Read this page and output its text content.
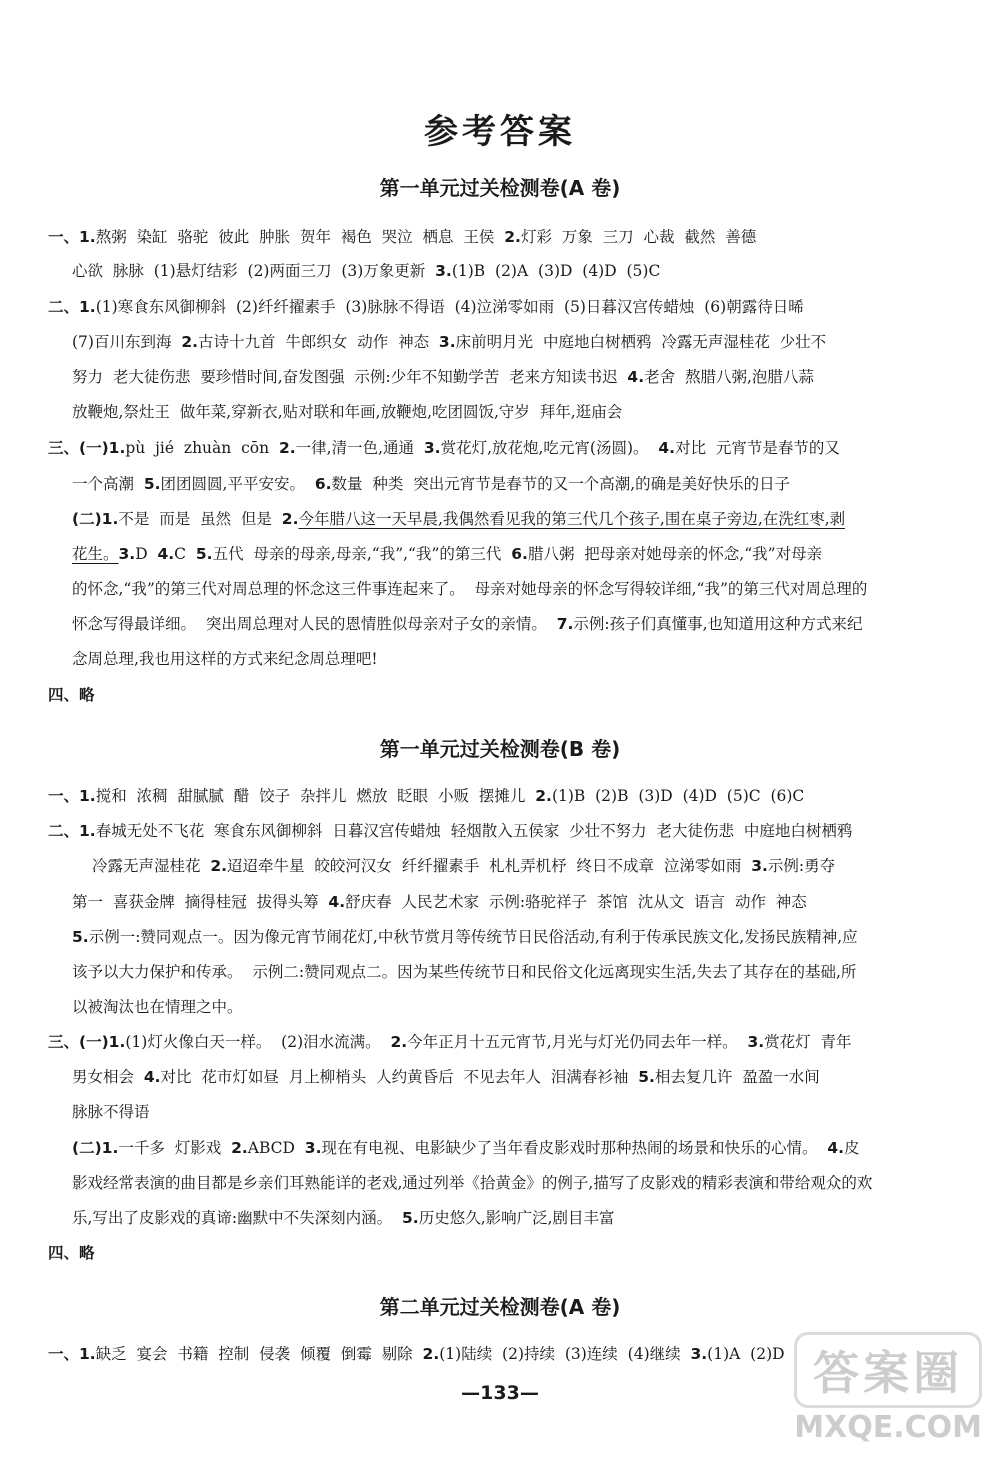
参考答案
第一单元过关检测卷(A 卷)
一、1.熬粥  染缸  骆驼  彼此  肿胀  贺年  褐色  哭泣  栖息  王侯  2.灯彩  万象  三刀  心裁  截然  善德
心欲  脉脉  (1)悬灯结彩  (2)两面三刀  (3)万象更新  3.(1)B  (2)A  (3)D  (4)D  (5)C
二、1.(1)寒食东风御柳斜  (2)纤纤擢素手  (3)脉脉不得语  (4)泣涕零如雨  (5)日暮汉宫传蜡烛  (6)朝露待日晞
(7)百川东到海  2.古诗十九首  牛郎织女  动作  神态  3.床前明月光  中庭地白树栖鸦  冷露无声湿桂花  少壮不
努力  老大徒伤悲  要珍惜时间,奋发图强  示例:少年不知勤学苦  老来方知读书迟  4.老舍  熬腊八粥,泡腊八蒜
放鞭炮,祭灶王  做年菜,穿新衣,贴对联和年画,放鞭炮,吃团圆饭,守岁  拜年,逛庙会
三、(一)1.pù  jié  zhuàn  cōn  2.一律,清一色,通通  3.赏花灯,放花炮,吃元宵(汤圆)。  4.对比  元宵节是春节的又
一个高潮  5.团团圆圆,平平安安。  6.数量  种类  突出元宵节是春节的又一个高潮,的确是美好快乐的日子
(二)1.不是  而是  虽然  但是  2.今年腊八这一天早晨,我偶然看见我的第三代几个孩子,围在桌子旁边,在洗红枣,剥
花生。3.D  4.C  5.五代  母亲的母亲,母亲,“我”,“我”的第三代  6.腊八粥  把母亲对她母亲的怀念,“我”对母亲
的怀念,“我”的第三代对周总理的怀念这三件事连起来了。  母亲对她母亲的怀念写得较详细,“我”的第三代对周总理的
怀念写得最详细。  突出周总理对人民的恩情胜似母亲对子女的亲情。  7.示例:孩子们真懂事,也知道用这种方式来纪
念周总理,我也用这样的方式来纪念周总理吧!
四、略
第一单元过关检测卷(B 卷)
一、1.搅和  浓稠  甜腻腻  醋  饺子  杂拌儿  燃放  眨眼  小贩  摆摊儿  2.(1)B  (2)B  (3)D  (4)D  (5)C  (6)C
二、1.春城无处不飞花  寒食东风御柳斜  日暮汉宫传蜡烛  轻烟散入五侯家  少壮不努力  老大徒伤悲  中庭地白树栖鸦
冷露无声湿桂花  2.迢迢牵牛星  皎皎河汉女  纤纤擢素手  札札弄机杼  终日不成章  泣涕零如雨  3.示例:勇夺
第一  喜获金牌  摘得桂冠  拔得头筹  4.舒庆春  人民艺术家  示例:骆驼祥子  茶馆  沈从文  语言  动作  神态
5.示例一:赞同观点一。因为像元宵节闹花灯,中秋节赏月等传统节日民俗活动,有利于传承民族文化,发扬民族精神,应
该予以大力保护和传承。  示例二:赞同观点二。因为某些传统节日和民俗文化远离现实生活,失去了其存在的基础,所
以被淘汰也在情理之中。
三、(一)1.(1)灯火像白天一样。  (2)泪水流满。  2.今年正月十五元宵节,月光与灯光仍同去年一样。  3.赏花灯  青年
男女相会  4.对比  花市灯如昼  月上柳梢头  人约黄昏后  不见去年人  泪满春衫袖  5.相去复几许  盈盈一水间
脉脉不得语
(二)1.一千多  灯影戏  2.ABCD  3.现在有电视、电影缺少了当年看皮影戏时那种热闹的场景和快乐的心情。  4.皮
影戏经常表演的曲目都是乡亲们耳熟能详的老戏,通过列举《拾黄金》的例子,描写了皮影戏的精彩表演和带给观众的欢
乐,写出了皮影戏的真谛:幽默中不失深刻内涵。  5.历史悠久,影响广泛,剧目丰富
四、略
第二单元过关检测卷(A 卷)
一、1.缺乏  宴会  书籍  控制  侵袭  倾覆  倒霉  剔除  2.(1)陆续  (2)持续  (3)连续  (4)继续  3.(1)A  (2)D
—133—	答案圈
MXQE.COM
